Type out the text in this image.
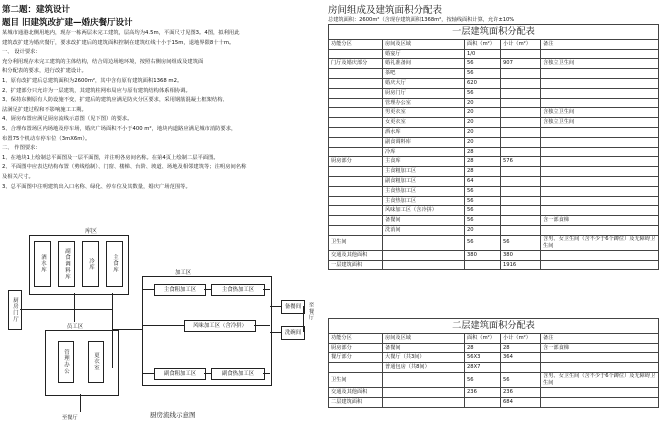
第二题：建筑设计
题目 旧建筑改扩建—婚庆餐厅设计
某城市通港北侧用地内，现存一栋两层未完工建筑，层高均为4.5m，平面尺寸见图3。4图，拟利用此
建筑改扩建为婚庆餐厅，要求改扩建后的建筑面积控制在建筑红线十小于15m，退地界限8十十m。
一、 设计要求：
充分利用现存未完工建筑的主体结构，结合周边场地环境，按照右侧房间组成及建筑面
积分配表的要求，进行改扩建设计。
1、原有改扩建后总建筑面积为2600m²，其中含有原有建筑面积1368 m2。
2、扩建部分只允许为一层建筑，其建筑柱网布局应与原有建筑结构体系相协调。
3、保持东侧原有人防设施不变，扩建后的建筑应满足防火分区要求，采用钢筋混凝土框架结构、
法满足扩建过程和不影响施工工期。
4、厨房布置应满足厨房流线示意图（见下图）的要求。
5、合理布置场区内场地及停车场，婚庆广场面积不小于400 m²，地块内道路应满足城市消防要求，
布置75个机动车停车位（3mX6m）。
二、 作图要求：
1、在地块1上绘制总平面图及一层平面图，并注明各房间名称。在第4页上绘制二层平面图。
2、平面图中应表达结构布置（剪线绘制）、门窗、楼梯、台阶、坡道、场地及相邻建筑等；注明房间名称
及相关尺寸。
3、总平面图中注明建筑出入口名称、绿化、停车位及其数量，婚庆广场范围等。
库区
酒水库	副食调料库	冷库	主食库
厨房门厅
员工区
管理办公	更衣室
至餐厅
加工区
主食粗加工区	主食热加工区
风味加工区（含冷拼）
副食粗加工区	副食热加工区
备餐间
洗碗间
至餐厅
厨房流线示意图
房间组成及建筑面积分配表
总建筑面积：2600m²（含现存建筑面积1368m²，按轴线面积计算，允许±10%
一层建筑面积分配表				
功能分区	房间及区域	面积（m²）	小计（m²）	备注
	婚宴厅	1/0		
门厅及婚庆部分	婚礼准备间	56	907	含独立卫生间
	茶吧	56		
	婚庆大厅	620		
	厨房门厅	56		
	管理办公室	20		
	男更衣室	20		含独立卫生间
	女更衣室	20		含独立卫生间
	酒水库	20		
	副食调料库	20		
	冷库	28		
厨房部分	主食库	28	576	
	主食粗加工区	28		
	副食粗加工区	64		
	主食热加工区	56		
	主食热加工区	56		
	风味加工区（含冷拼）	56		
	备餐间	56		含一部食梯
	洗消间	20		
卫生间		56	56	含男、女卫生间（含不少于6个蹲位）及无障碍卫生间
交通及其他面积		380	380	
一层建筑面积			1916	
二层建筑面积分配表				
功能分区	房间及区域	面积（m²）	小计（m²）	备注
厨房部分	备餐间	28	28	含一部食梯
餐厅部分	大餐厅（共3间）	56X3	364	
	普通包房（共8间）	28X7		
卫生间		56	56	含男、女卫生间（含不少于6个蹲位）及无障碍卫生间
交通及其他面积		236	236	
二层建筑面积			684	
